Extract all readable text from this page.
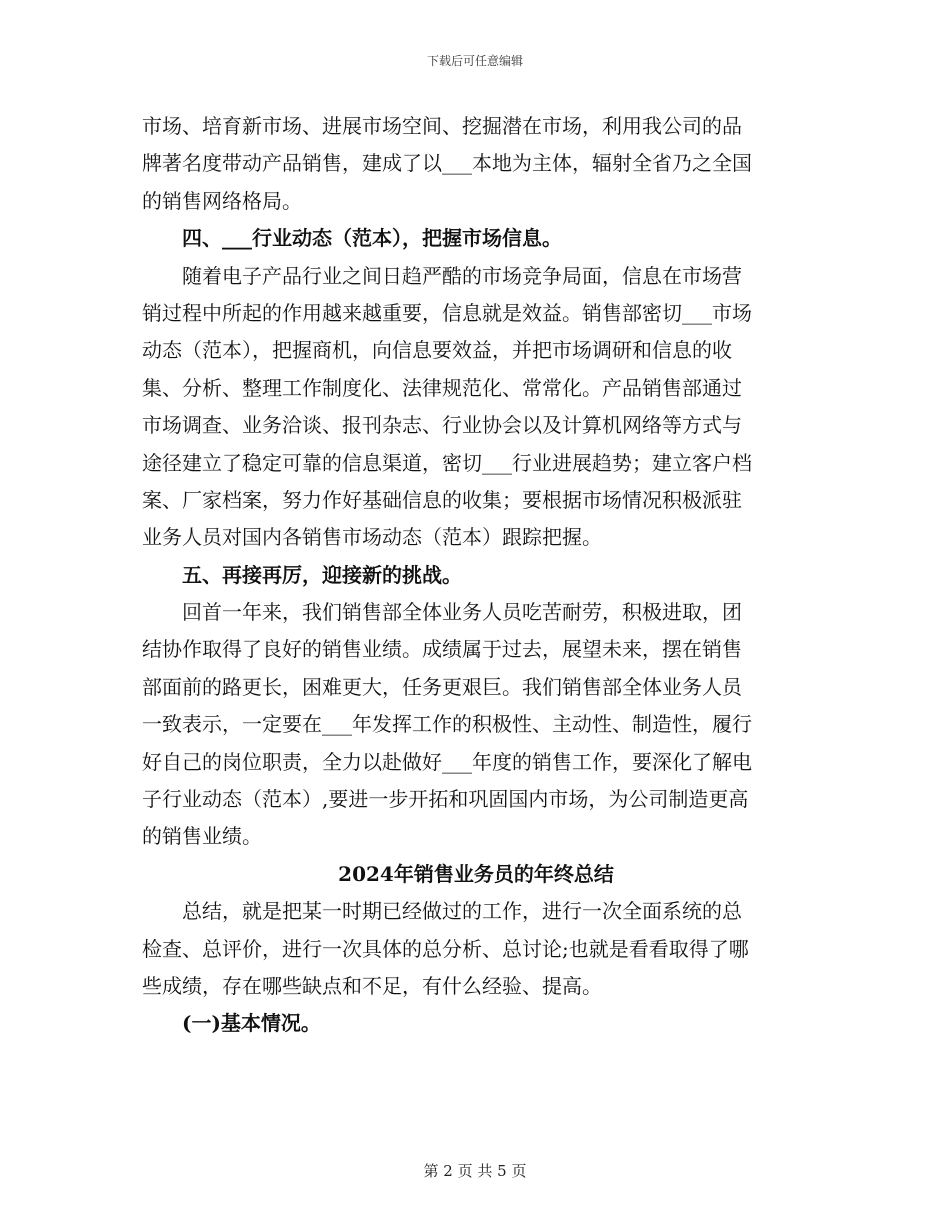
下载后可任意编辑
市场、培育新市场、进展市场空间、挖掘潜在市场，利用我公司的品
牌著名度带动产品销售，建成了以___本地为主体，辐射全省乃之全国
的销售网络格局。
四、___行业动态（范本），把握市场信息。
随着电子产品行业之间日趋严酷的市场竞争局面，信息在市场营
销过程中所起的作用越来越重要，信息就是效益。销售部密切___市场
动态（范本），把握商机，向信息要效益，并把市场调研和信息的收
集、分析、整理工作制度化、法律规范化、常常化。产品销售部通过
市场调查、业务洽谈、报刊杂志、行业协会以及计算机网络等方式与
途径建立了稳定可靠的信息渠道，密切___行业进展趋势；建立客户档
案、厂家档案，努力作好基础信息的收集；要根据市场情况积极派驻
业务人员对国内各销售市场动态（范本）跟踪把握。
五、再接再厉，迎接新的挑战。
回首一年来，我们销售部全体业务人员吃苦耐劳，积极进取，团
结协作取得了良好的销售业绩。成绩属于过去，展望未来，摆在销售
部面前的路更长，困难更大，任务更艰巨。我们销售部全体业务人员
一致表示，一定要在___年发挥工作的积极性、主动性、制造性，履行
好自己的岗位职责，全力以赴做好___年度的销售工作，要深化了解电
子行业动态（范本）,要进一步开拓和巩固国内市场，为公司制造更高
的销售业绩。
2024年销售业务员的年终总结
总结，就是把某一时期已经做过的工作，进行一次全面系统的总
检查、总评价，进行一次具体的总分析、总讨论;也就是看看取得了哪
些成绩，存在哪些缺点和不足，有什么经验、提高。
(一)基本情况。
第 2 页 共 5 页
